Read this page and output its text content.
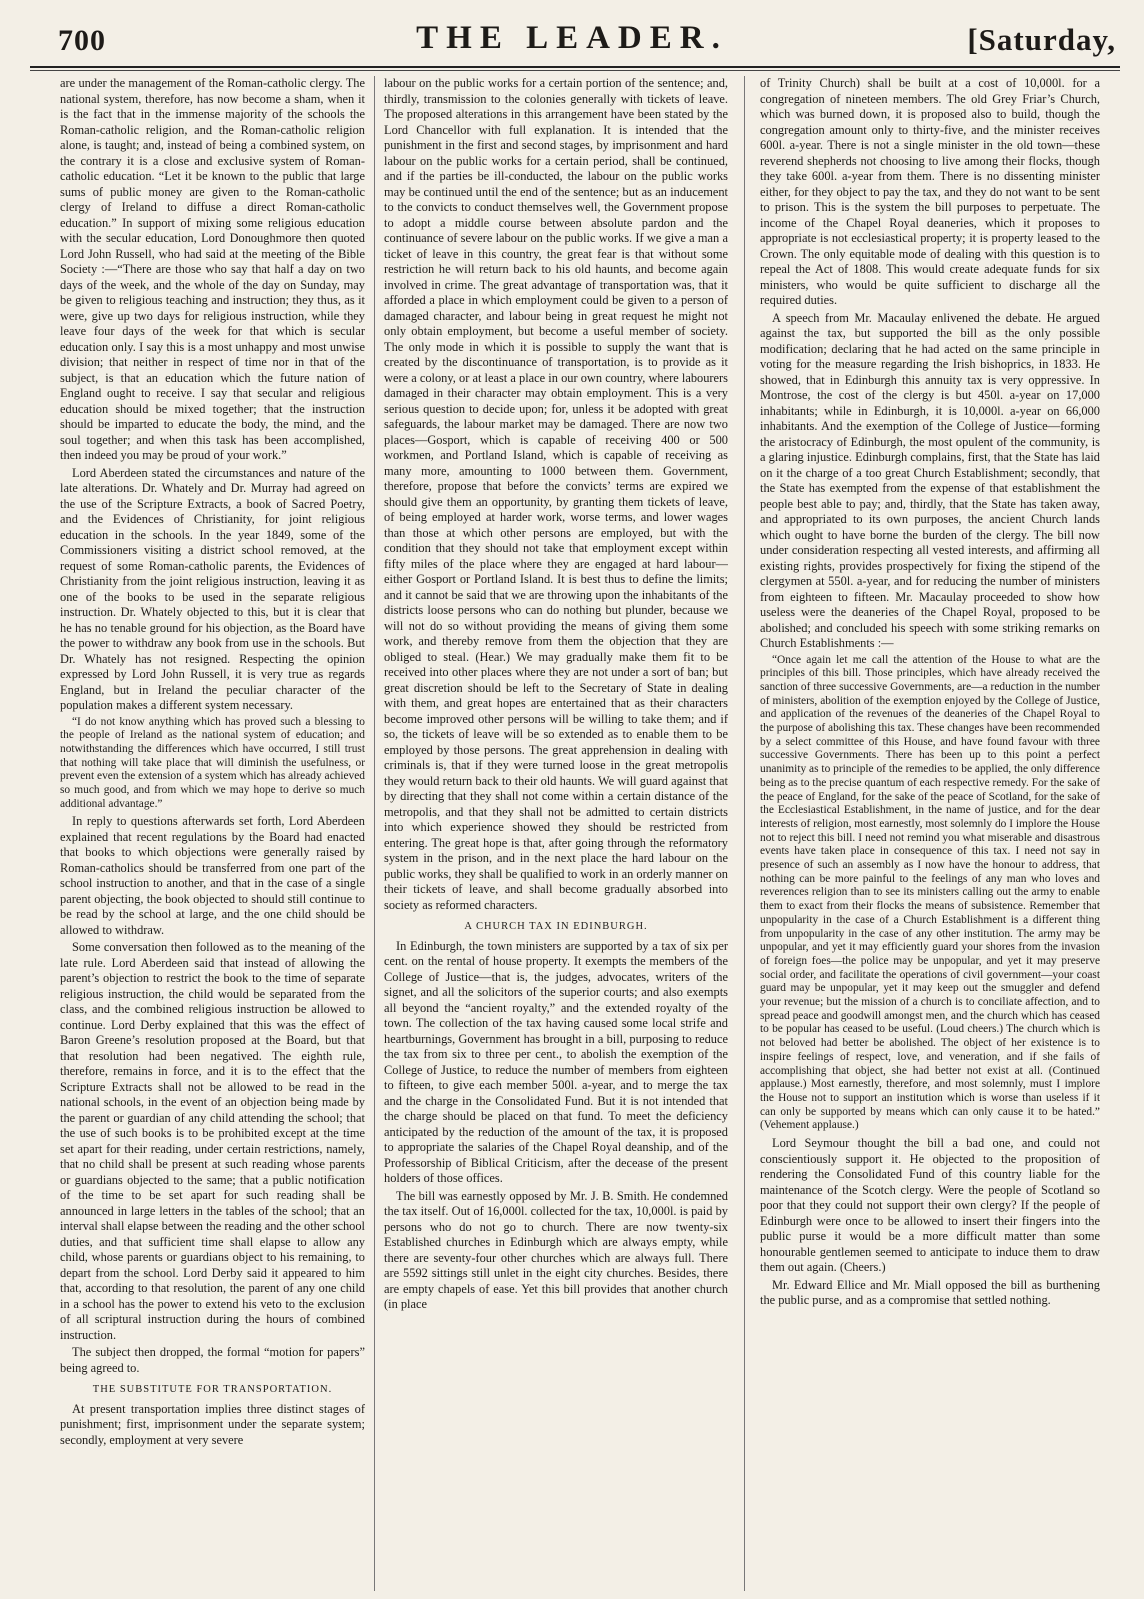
700	THE LEADER.	[Saturday,

are under the management of the Roman-catholic clergy. The national system, therefore, has now become a sham, when it is the fact that in the immense majority of the schools the Roman-catholic religion, and the Roman-catholic religion alone, is taught; and, instead of being a combined system, on the contrary it is a close and exclusive system of Roman-catholic education. “Let it be known to the public that large sums of public money are given to the Roman-catholic clergy of Ireland to diffuse a direct Roman-catholic education.” In support of mixing some religious education with the secular education, Lord Donoughmore then quoted Lord John Russell, who had said at the meeting of the Bible Society :—“There are those who say that half a day on two days of the week, and the whole of the day on Sunday, may be given to religious teaching and instruction; they thus, as it were, give up two days for religious instruction, while they leave four days of the week for that which is secular education only. I say this is a most unhappy and most unwise division; that neither in respect of time nor in that of the subject, is that an education which the future nation of England ought to receive. I say that secular and religious education should be mixed together; that the instruction should be imparted to educate the body, the mind, and the soul together; and when this task has been accomplished, then indeed you may be proud of your work.”

Lord Aberdeen stated the circumstances and nature of the late alterations. Dr. Whately and Dr. Murray had agreed on the use of the Scripture Extracts, a book of Sacred Poetry, and the Evidences of Christianity, for joint religious education in the schools. In the year 1849, some of the Commissioners visiting a district school removed, at the request of some Roman-catholic parents, the Evidences of Christianity from the joint religious instruction, leaving it as one of the books to be used in the separate religious instruction. Dr. Whately objected to this, but it is clear that he has no tenable ground for his objection, as the Board have the power to withdraw any book from use in the schools. But Dr. Whately has not resigned. Respecting the opinion expressed by Lord John Russell, it is very true as regards England, but in Ireland the peculiar character of the population makes a different system necessary.

“I do not know anything which has proved such a blessing to the people of Ireland as the national system of education; and notwithstanding the differences which have occurred, I still trust that nothing will take place that will diminish the usefulness, or prevent even the extension of a system which has already achieved so much good, and from which we may hope to derive so much additional advantage.”

In reply to questions afterwards set forth, Lord Aberdeen explained that recent regulations by the Board had enacted that books to which objections were generally raised by Roman-catholics should be transferred from one part of the school instruction to another, and that in the case of a single parent objecting, the book objected to should still continue to be read by the school at large, and the one child should be allowed to withdraw.

Some conversation then followed as to the meaning of the late rule. Lord Aberdeen said that instead of allowing the parent’s objection to restrict the book to the time of separate religious instruction, the child would be separated from the class, and the combined religious instruction be allowed to continue. Lord Derby explained that this was the effect of Baron Greene’s resolution proposed at the Board, but that that resolution had been negatived. The eighth rule, therefore, remains in force, and it is to the effect that the Scripture Extracts shall not be allowed to be read in the national schools, in the event of an objection being made by the parent or guardian of any child attending the school; that the use of such books is to be prohibited except at the time set apart for their reading, under certain restrictions, namely, that no child shall be present at such reading whose parents or guardians objected to the same; that a public notification of the time to be set apart for such reading shall be announced in large letters in the tables of the school; that an interval shall elapse between the reading and the other school duties, and that sufficient time shall elapse to allow any child, whose parents or guardians object to his remaining, to depart from the school. Lord Derby said it appeared to him that, according to that resolution, the parent of any one child in a school has the power to extend his veto to the exclusion of all scriptural instruction during the hours of combined instruction.

The subject then dropped, the formal “motion for papers” being agreed to.

THE SUBSTITUTE FOR TRANSPORTATION.

At present transportation implies three distinct stages of punishment; first, imprisonment under the separate system; secondly, employment at very severe

labour on the public works for a certain portion of the sentence; and, thirdly, transmission to the colonies generally with tickets of leave. The proposed alterations in this arrangement have been stated by the Lord Chancellor with full explanation. It is intended that the punishment in the first and second stages, by imprisonment and hard labour on the public works for a certain period, shall be continued, and if the parties be ill-conducted, the labour on the public works may be continued until the end of the sentence; but as an inducement to the convicts to conduct themselves well, the Government propose to adopt a middle course between absolute pardon and the continuance of severe labour on the public works. If we give a man a ticket of leave in this country, the great fear is that without some restriction he will return back to his old haunts, and become again involved in crime. The great advantage of transportation was, that it afforded a place in which employment could be given to a person of damaged character, and labour being in great request he might not only obtain employment, but become a useful member of society. The only mode in which it is possible to supply the want that is created by the discontinuance of transportation, is to provide as it were a colony, or at least a place in our own country, where labourers damaged in their character may obtain employment. This is a very serious question to decide upon; for, unless it be adopted with great safeguards, the labour market may be damaged. There are now two places—Gosport, which is capable of receiving 400 or 500 workmen, and Portland Island, which is capable of receiving as many more, amounting to 1000 between them. Government, therefore, propose that before the convicts’ terms are expired we should give them an opportunity, by granting them tickets of leave, of being employed at harder work, worse terms, and lower wages than those at which other persons are employed, but with the condition that they should not take that employment except within fifty miles of the place where they are engaged at hard labour—either Gosport or Portland Island. It is best thus to define the limits; and it cannot be said that we are throwing upon the inhabitants of the districts loose persons who can do nothing but plunder, because we will not do so without providing the means of giving them some work, and thereby remove from them the objection that they are obliged to steal. (Hear.) We may gradually make them fit to be received into other places where they are not under a sort of ban; but great discretion should be left to the Secretary of State in dealing with them, and great hopes are entertained that as their characters become improved other persons will be willing to take them; and if so, the tickets of leave will be so extended as to enable them to be employed by those persons. The great apprehension in dealing with criminals is, that if they were turned loose in the great metropolis they would return back to their old haunts. We will guard against that by directing that they shall not come within a certain distance of the metropolis, and that they shall not be admitted to certain districts into which experience showed they should be restricted from entering. The great hope is that, after going through the reformatory system in the prison, and in the next place the hard labour on the public works, they shall be qualified to work in an orderly manner on their tickets of leave, and shall become gradually absorbed into society as reformed characters.

A CHURCH TAX IN EDINBURGH.

In Edinburgh, the town ministers are supported by a tax of six per cent. on the rental of house property. It exempts the members of the College of Justice—that is, the judges, advocates, writers of the signet, and all the solicitors of the superior courts; and also exempts all beyond the “ancient royalty,” and the extended royalty of the town. The collection of the tax having caused some local strife and heartburnings, Government has brought in a bill, purposing to reduce the tax from six to three per cent., to abolish the exemption of the College of Justice, to reduce the number of members from eighteen to fifteen, to give each member 500l. a-year, and to merge the tax and the charge in the Consolidated Fund. But it is not intended that the charge should be placed on that fund. To meet the deficiency anticipated by the reduction of the amount of the tax, it is proposed to appropriate the salaries of the Chapel Royal deanship, and of the Professorship of Biblical Criticism, after the decease of the present holders of those offices.

The bill was earnestly opposed by Mr. J. B. Smith. He condemned the tax itself. Out of 16,000l. collected for the tax, 10,000l. is paid by persons who do not go to church. There are now twenty-six Established churches in Edinburgh which are always empty, while there are seventy-four other churches which are always full. There are 5592 sittings still unlet in the eight city churches. Besides, there are empty chapels of ease. Yet this bill provides that another church (in place

of Trinity Church) shall be built at a cost of 10,000l. for a congregation of nineteen members. The old Grey Friar’s Church, which was burned down, it is proposed also to build, though the congregation amount only to thirty-five, and the minister receives 600l. a-year. There is not a single minister in the old town—these reverend shepherds not choosing to live among their flocks, though they take 600l. a-year from them. There is no dissenting minister either, for they object to pay the tax, and they do not want to be sent to prison. This is the system the bill purposes to perpetuate. The income of the Chapel Royal deaneries, which it proposes to appropriate is not ecclesiastical property; it is property leased to the Crown. The only equitable mode of dealing with this question is to repeal the Act of 1808. This would create adequate funds for six ministers, who would be quite sufficient to discharge all the required duties.

A speech from Mr. Macaulay enlivened the debate. He argued against the tax, but supported the bill as the only possible modification; declaring that he had acted on the same principle in voting for the measure regarding the Irish bishoprics, in 1833. He showed, that in Edinburgh this annuity tax is very oppressive. In Montrose, the cost of the clergy is but 450l. a-year on 17,000 inhabitants; while in Edinburgh, it is 10,000l. a-year on 66,000 inhabitants. And the exemption of the College of Justice—forming the aristocracy of Edinburgh, the most opulent of the community, is a glaring injustice. Edinburgh complains, first, that the State has laid on it the charge of a too great Church Establishment; secondly, that the State has exempted from the expense of that establishment the people best able to pay; and, thirdly, that the State has taken away, and appropriated to its own purposes, the ancient Church lands which ought to have borne the burden of the clergy. The bill now under consideration respecting all vested interests, and affirming all existing rights, provides prospectively for fixing the stipend of the clergymen at 550l. a-year, and for reducing the number of ministers from eighteen to fifteen. Mr. Macaulay proceeded to show how useless were the deaneries of the Chapel Royal, proposed to be abolished; and concluded his speech with some striking remarks on Church Establishments :—

“Once again let me call the attention of the House to what are the principles of this bill. Those principles, which have already received the sanction of three successive Governments, are—a reduction in the number of ministers, abolition of the exemption enjoyed by the College of Justice, and application of the revenues of the deaneries of the Chapel Royal to the purpose of abolishing this tax. These changes have been recommended by a select committee of this House, and have found favour with three successive Governments. There has been up to this point a perfect unanimity as to principle of the remedies to be applied, the only difference being as to the precise quantum of each respective remedy. For the sake of the peace of England, for the sake of the peace of Scotland, for the sake of the Ecclesiastical Establishment, in the name of justice, and for the dear interests of religion, most earnestly, most solemnly do I implore the House not to reject this bill. I need not remind you what miserable and disastrous events have taken place in consequence of this tax. I need not say in presence of such an assembly as I now have the honour to address, that nothing can be more painful to the feelings of any man who loves and reverences religion than to see its ministers calling out the army to enable them to exact from their flocks the means of subsistence. Remember that unpopularity in the case of a Church Establishment is a different thing from unpopularity in the case of any other institution. The army may be unpopular, and yet it may efficiently guard your shores from the invasion of foreign foes—the police may be unpopular, and yet it may preserve social order, and facilitate the operations of civil government—your coast guard may be unpopular, yet it may keep out the smuggler and defend your revenue; but the mission of a church is to conciliate affection, and to spread peace and goodwill amongst men, and the church which has ceased to be popular has ceased to be useful. (Loud cheers.) The church which is not beloved had better be abolished. The object of her existence is to inspire feelings of respect, love, and veneration, and if she fails of accomplishing that object, she had better not exist at all. (Continued applause.) Most earnestly, therefore, and most solemnly, must I implore the House not to support an institution which is worse than useless if it can only be supported by means which can only cause it to be hated.” (Vehement applause.)

Lord Seymour thought the bill a bad one, and could not conscientiously support it. He objected to the proposition of rendering the Consolidated Fund of this country liable for the maintenance of the Scotch clergy. Were the people of Scotland so poor that they could not support their own clergy? If the people of Edinburgh were once to be allowed to insert their fingers into the public purse it would be a more difficult matter than some honourable gentlemen seemed to anticipate to induce them to draw them out again. (Cheers.)

Mr. Edward Ellice and Mr. Miall opposed the bill as burthening the public purse, and as a compromise that settled nothing.
